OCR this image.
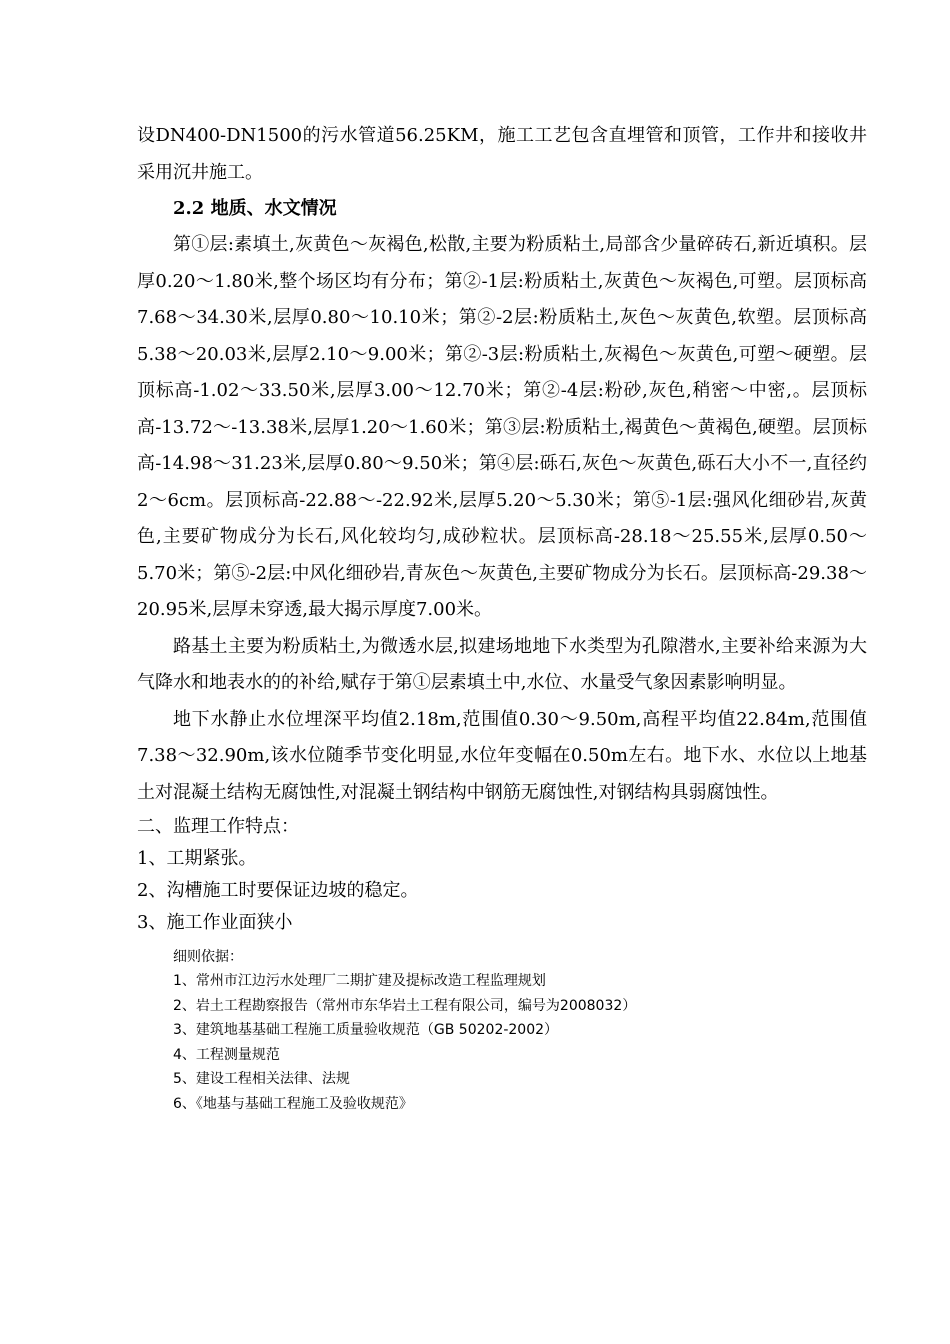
设DN400-DN1500的污水管道56.25KM，施工工艺包含直埋管和顶管，工作井和接收井采用沉井施工。

2.2 地质、水文情况

第①层:素填土,灰黄色～灰褐色,松散,主要为粉质粘土,局部含少量碎砖石,新近填积。层厚0.20～1.80米,整个场区均有分布；第②-1层:粉质粘土,灰黄色～灰褐色,可塑。层顶标高7.68～34.30米,层厚0.80～10.10米；第②-2层:粉质粘土,灰色～灰黄色,软塑。层顶标高5.38～20.03米,层厚2.10～9.00米；第②-3层:粉质粘土,灰褐色～灰黄色,可塑～硬塑。层顶标高-1.02～33.50米,层厚3.00～12.70米；第②-4层:粉砂,灰色,稍密～中密,。层顶标高-13.72～-13.38米,层厚1.20～1.60米；第③层:粉质粘土,褐黄色～黄褐色,硬塑。层顶标高-14.98～31.23米,层厚0.80～9.50米；第④层:砾石,灰色～灰黄色,砾石大小不一,直径约2～6cm。层顶标高-22.88～-22.92米,层厚5.20～5.30米；第⑤-1层:强风化细砂岩,灰黄色,主要矿物成分为长石,风化较均匀,成砂粒状。层顶标高-28.18～25.55米,层厚0.50～5.70米；第⑤-2层:中风化细砂岩,青灰色～灰黄色,主要矿物成分为长石。层顶标高-29.38～20.95米,层厚未穿透,最大揭示厚度7.00米。

路基土主要为粉质粘土,为微透水层,拟建场地地下水类型为孔隙潜水,主要补给来源为大气降水和地表水的的补给,赋存于第①层素填土中,水位、水量受气象因素影响明显。

地下水静止水位埋深平均值2.18m,范围值0.30～9.50m,高程平均值22.84m,范围值7.38～32.90m,该水位随季节变化明显,水位年变幅在0.50m左右。地下水、水位以上地基土对混凝土结构无腐蚀性,对混凝土钢结构中钢筋无腐蚀性,对钢结构具弱腐蚀性。

二、监理工作特点：

1、工期紧张。

2、沟槽施工时要保证边坡的稳定。

3、施工作业面狭小

细则依据：

1、常州市江边污水处理厂二期扩建及提标改造工程监理规划

2、岩土工程勘察报告（常州市东华岩土工程有限公司，编号为2008032）

3、建筑地基基础工程施工质量验收规范（GB 50202-2002）

4、工程测量规范

5、建设工程相关法律、法规

6、《地基与基础工程施工及验收规范》
